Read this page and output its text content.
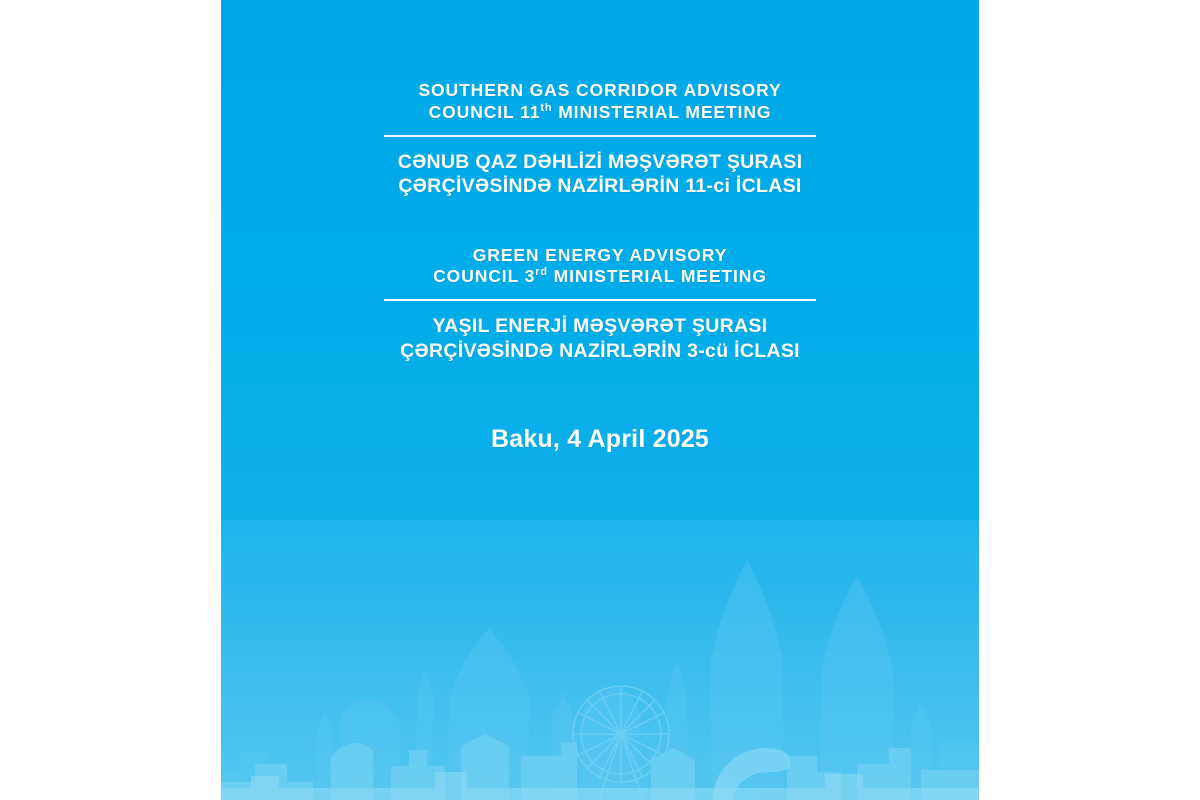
SOUTHERN GAS CORRIDOR ADVISORY
COUNCIL 11th MINISTERIAL MEETING
CƏNUB QAZ DƏHLİZİ MƏŞVƏRƏT ŞURASI
ÇƏRÇİVƏSİNDƏ NAZİRLƏRİN 11-ci İCLASI
GREEN ENERGY ADVISORY
COUNCIL 3rd MINISTERIAL MEETING
YAŞIL ENERJİ MƏŞVƏRƏT ŞURASI
ÇƏRÇİVƏSİNDƏ NAZİRLƏRİN 3-cü İCLASI
Baku, 4 April 2025
